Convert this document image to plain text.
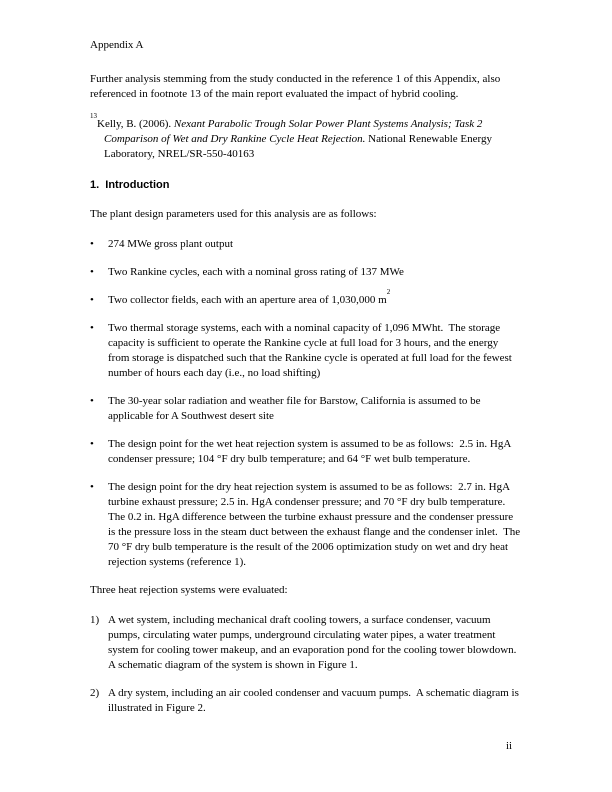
Appendix A

Further analysis stemming from the study conducted in the reference 1 of this Appendix, also referenced in footnote 13 of the main report evaluated the impact of hybrid cooling.

$^{13}$Kelly, B. (2006). Nexant Parabolic Trough Solar Power Plant Systems Analysis; Task 2 Comparison of Wet and Dry Rankine Cycle Heat Rejection. National Renewable Energy Laboratory, NREL/SR-550-40163

1.  Introduction

The plant design parameters used for this analysis are as follows:

• 274 MWe gross plant output
• Two Rankine cycles, each with a nominal gross rating of 137 MWe
• Two collector fields, each with an aperture area of 1,030,000 $m^2$
• Two thermal storage systems, each with a nominal capacity of 1,096 MWht.  The storage capacity is sufficient to operate the Rankine cycle at full load for 3 hours, and the energy from storage is dispatched such that the Rankine cycle is operated at full load for the fewest number of hours each day (i.e., no load shifting)
• The 30-year solar radiation and weather file for Barstow, California is assumed to be applicable for A Southwest desert site
• The design point for the wet heat rejection system is assumed to be as follows:  2.5 in. HgA condenser pressure; 104 °F dry bulb temperature; and 64 °F wet bulb temperature.
• The design point for the dry heat rejection system is assumed to be as follows:  2.7 in. HgA turbine exhaust pressure; 2.5 in. HgA condenser pressure; and 70 °F dry bulb temperature.  The 0.2 in. HgA difference between the turbine exhaust pressure and the condenser pressure is the pressure loss in the steam duct between the exhaust flange and the condenser inlet.  The 70 °F dry bulb temperature is the result of the 2006 optimization study on wet and dry heat rejection systems (reference 1).

Three heat rejection systems were evaluated:

1) A wet system, including mechanical draft cooling towers, a surface condenser, vacuum pumps, circulating water pumps, underground circulating water pipes, a water treatment system for cooling tower makeup, and an evaporation pond for the cooling tower blowdown.  A schematic diagram of the system is shown in Figure 1.
2) A dry system, including an air cooled condenser and vacuum pumps.  A schematic diagram is illustrated in Figure 2.
ii
